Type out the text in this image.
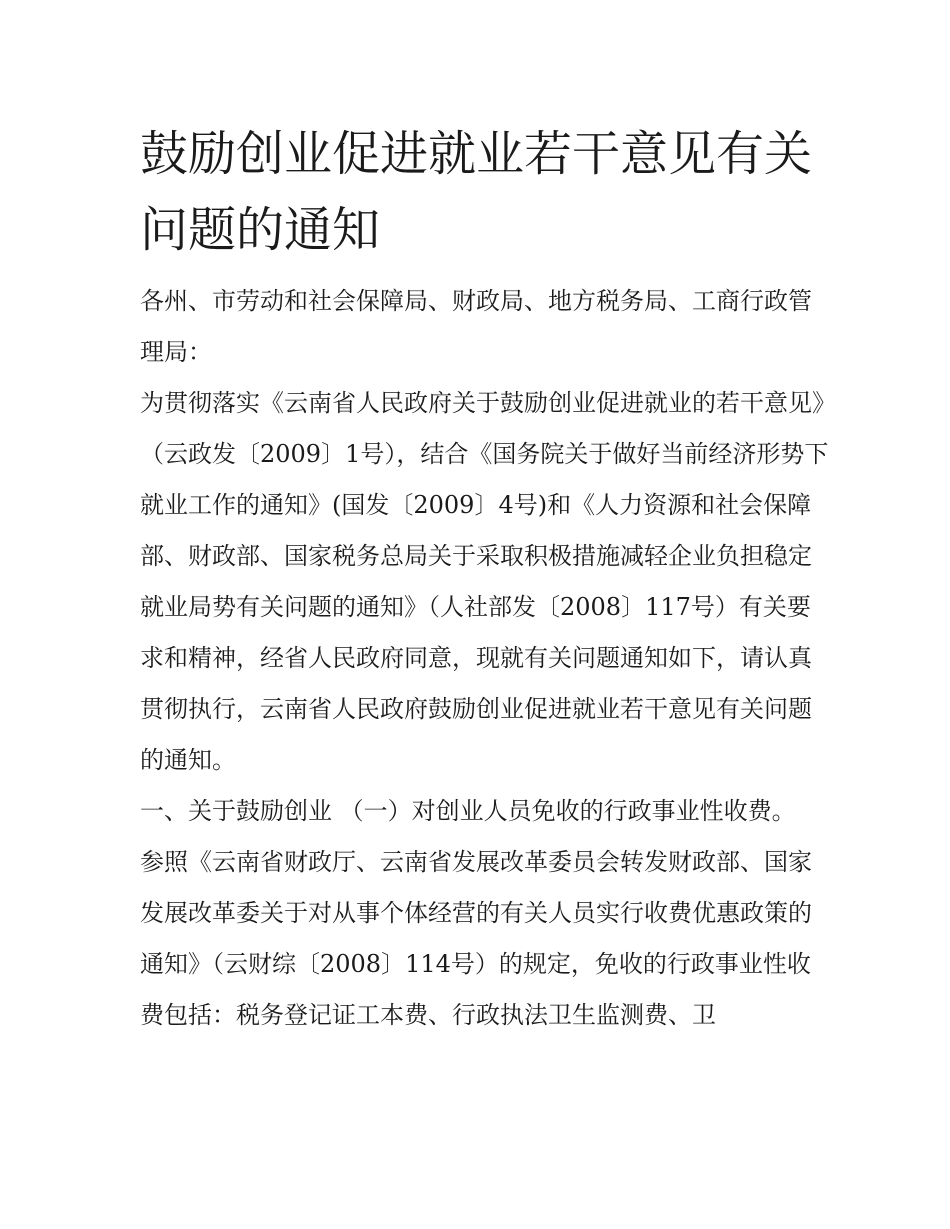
鼓励创业促进就业若干意见有关问题的通知

各州、市劳动和社会保障局、财政局、地方税务局、工商行政管理局：

为贯彻落实《云南省人民政府关于鼓励创业促进就业的若干意见》（云政发〔2009〕1号），结合《国务院关于做好当前经济形势下就业工作的通知》(国发〔2009〕4号)和《人力资源和社会保障部、财政部、国家税务总局关于采取积极措施减轻企业负担稳定就业局势有关问题的通知》（人社部发〔2008〕117号）有关要求和精神，经省人民政府同意，现就有关问题通知如下，请认真贯彻执行，云南省人民政府鼓励创业促进就业若干意见有关问题的通知。

一、关于鼓励创业 （一）对创业人员免收的行政事业性收费。

参照《云南省财政厅、云南省发展改革委员会转发财政部、国家发展改革委关于对从事个体经营的有关人员实行收费优惠政策的通知》（云财综〔2008〕114号）的规定，免收的行政事业性收费包括：税务登记证工本费、行政执法卫生监测费、卫
